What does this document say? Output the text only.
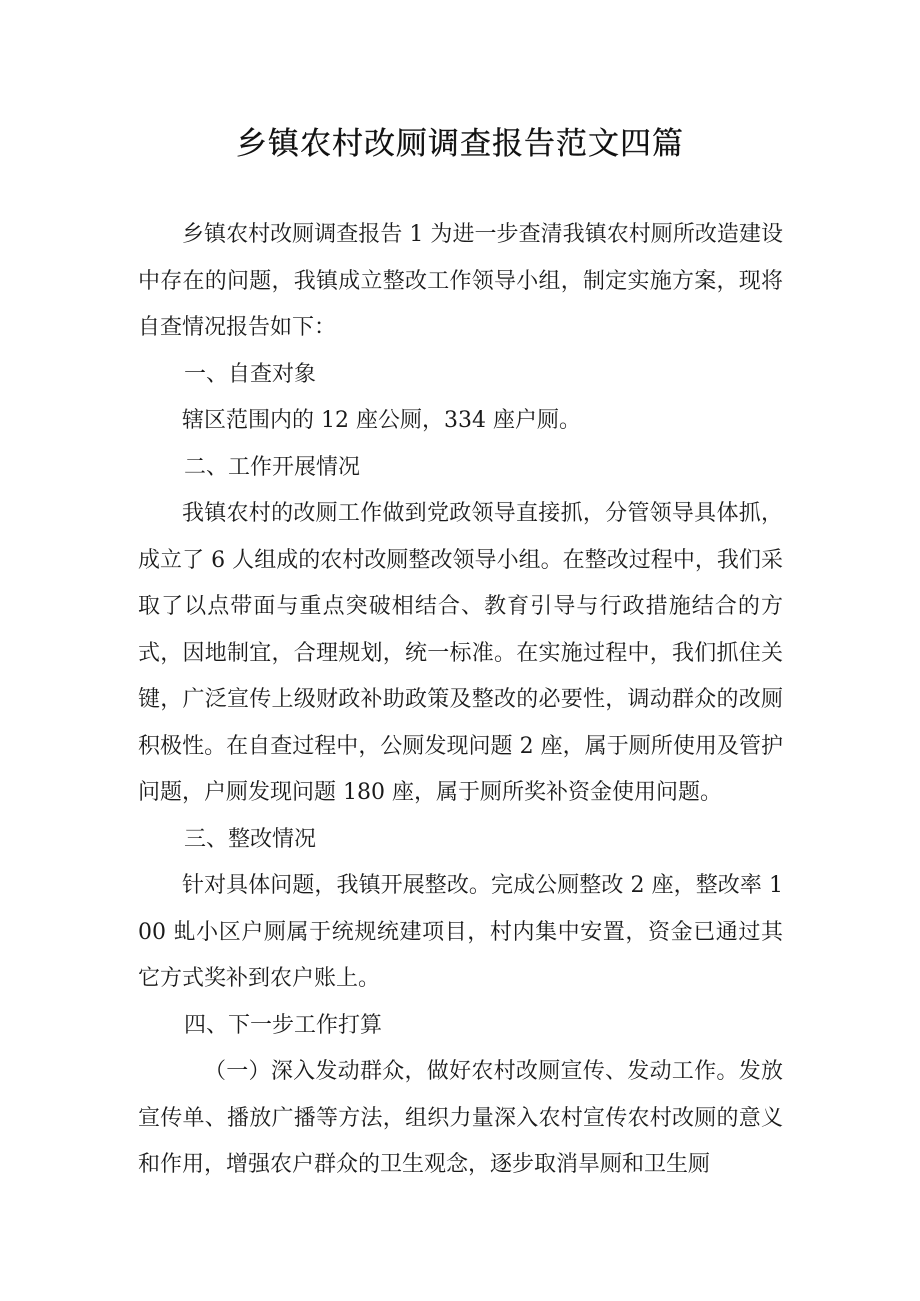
乡镇农村改厕调查报告范文四篇

乡镇农村改厕调查报告 1 为进一步查清我镇农村厕所改造建设中存在的问题，我镇成立整改工作领导小组，制定实施方案，现将自查情况报告如下：

一、自查对象

辖区范围内的 12 座公厕，334 座户厕。

二、工作开展情况

我镇农村的改厕工作做到党政领导直接抓，分管领导具体抓，成立了 6 人组成的农村改厕整改领导小组。在整改过程中，我们采取了以点带面与重点突破相结合、教育引导与行政措施结合的方式，因地制宜，合理规划，统一标准。在实施过程中，我们抓住关键，广泛宣传上级财政补助政策及整改的必要性，调动群众的改厕积极性。在自查过程中，公厕发现问题 2 座，属于厕所使用及管护问题，户厕发现问题 180 座，属于厕所奖补资金使用问题。

三、整改情况

针对具体问题，我镇开展整改。完成公厕整改 2 座，整改率 100 虬小区户厕属于统规统建项目，村内集中安置，资金已通过其它方式奖补到农户账上。

四、下一步工作打算

（一）深入发动群众，做好农村改厕宣传、发动工作。发放宣传单、播放广播等方法，组织力量深入农村宣传农村改厕的意义和作用，增强农户群众的卫生观念，逐步取消旱厕和卫生厕
